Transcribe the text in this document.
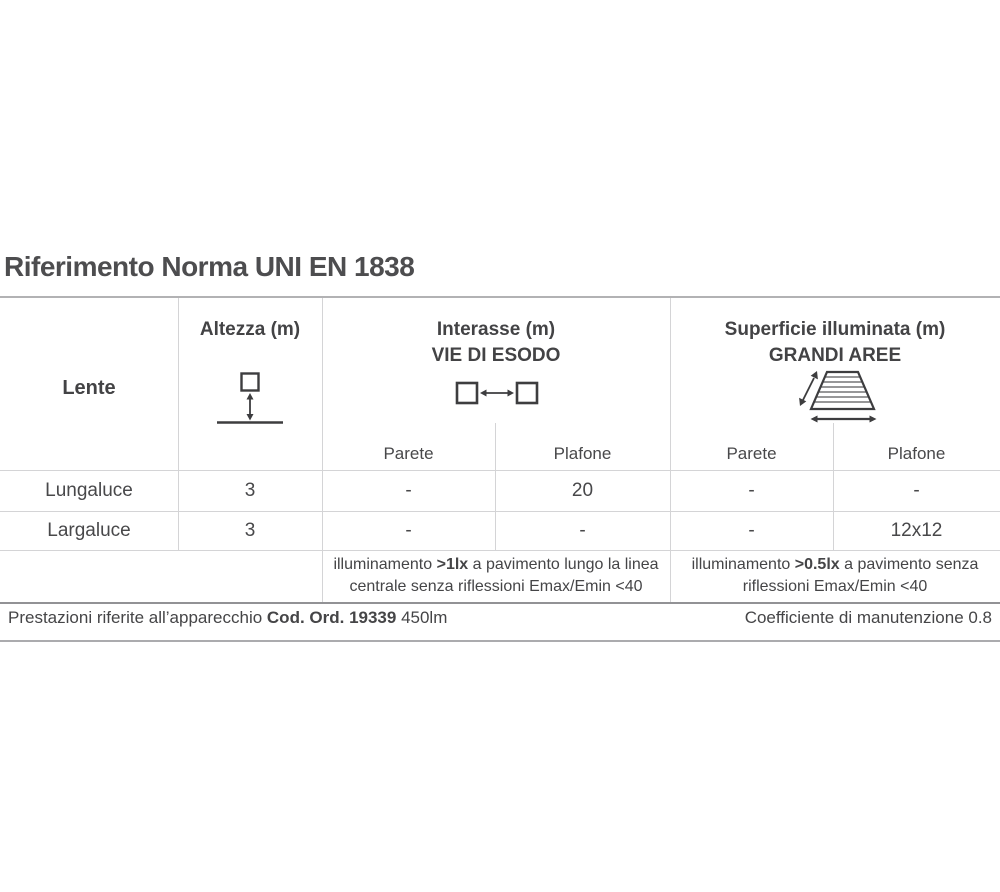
Riferimento Norma UNI EN 1838
Lente
Altezza (m)	Interasse (m)
VIE DI ESODO
Superficie illuminata (m)
GRANDI AREE
Parete	Plafone	Parete	Plafone
Lungaluce	3	-	20	-	-
Largaluce	3	-	-	-	12x12
illuminamento >1lx a pavimento lungo la linea centrale senza riflessioni Emax/Emin <40
illuminamento >0.5lx a pavimento senza riflessioni Emax/Emin <40
Prestazioni riferite all’apparecchio Cod. Ord. 19339 450lm	Coefficiente di manutenzione 0.8
